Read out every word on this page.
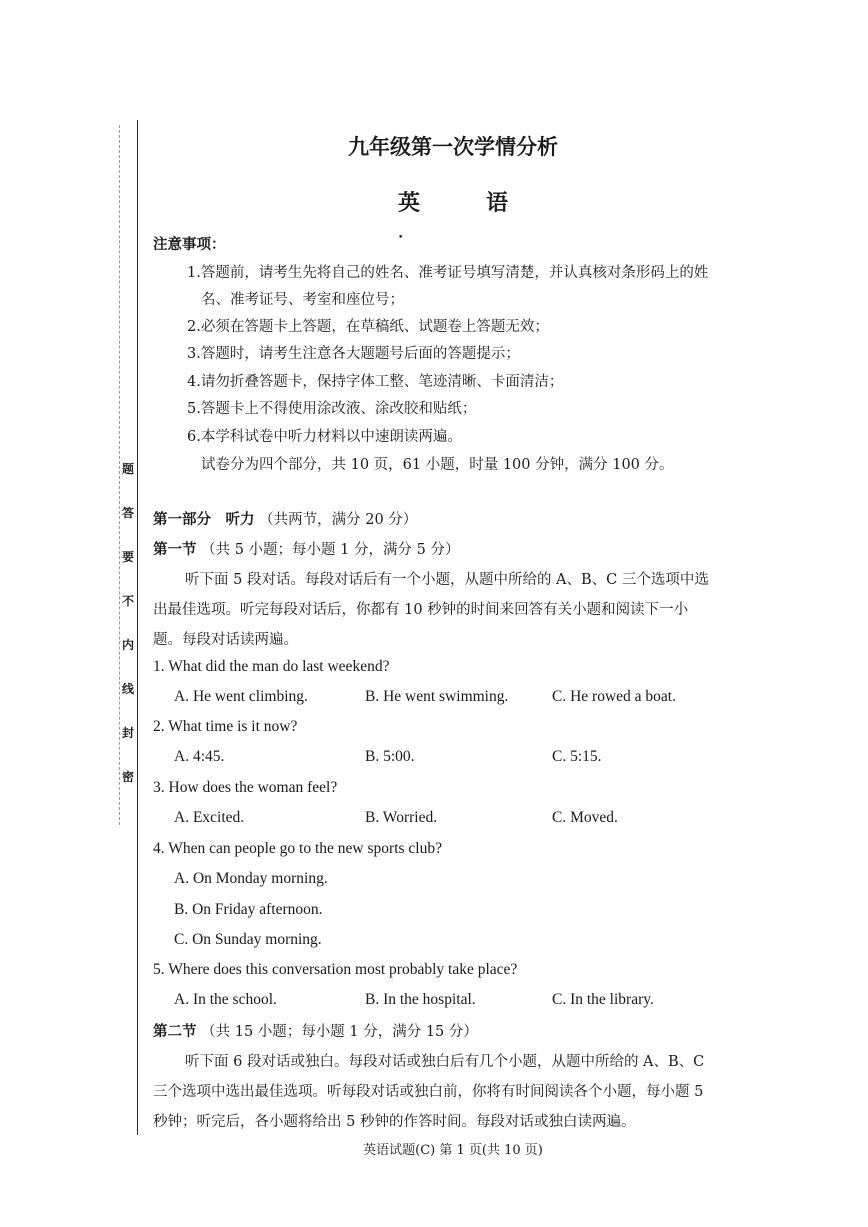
题
答
要
不
内
线
封
密
九年级第一次学情分析
英　语
注意事项：	•
1.答题前，请考生先将自己的姓名、准考证号填写清楚，并认真核对条形码上的姓
名、准考证号、考室和座位号；
2.必须在答题卡上答题，在草稿纸、试题卷上答题无效；
3.答题时，请考生注意各大题题号后面的答题提示；
4.请勿折叠答题卡，保持字体工整、笔迹清晰、卡面清洁；
5.答题卡上不得使用涂改液、涂改胶和贴纸；
6.本学科试卷中听力材料以中速朗读两遍。
试卷分为四个部分，共 10 页，61 小题，时量 100 分钟，满分 100 分。
第一部分　听力 （共两节，满分 20 分）
第一节 （共 5 小题；每小题 1 分，满分 5 分）
听下面 5 段对话。每段对话后有一个小题，从题中所给的 A、B、C 三个选项中选
出最佳选项。听完每段对话后，你都有 10 秒钟的时间来回答有关小题和阅读下一小
题。每段对话读两遍。
1. What did the man do last weekend?
A. He went climbing.	B. He went swimming.	C. He rowed a boat.
2. What time is it now?
A. 4:45.	B. 5:00.	C. 5:15.
3. How does the woman feel?
A. Excited.	B. Worried.	C. Moved.
4. When can people go to the new sports club?
A. On Monday morning.
B. On Friday afternoon.
C. On Sunday morning.
5. Where does this conversation most probably take place?
A. In the school.	B. In the hospital.	C. In the library.
第二节 （共 15 小题；每小题 1 分，满分 15 分）
听下面 6 段对话或独白。每段对话或独白后有几个小题，从题中所给的 A、B、C
三个选项中选出最佳选项。听每段对话或独白前，你将有时间阅读各个小题，每小题 5
秒钟；听完后，各小题将给出 5 秒钟的作答时间。每段对话或独白读两遍。
英语试题(C) 第 1 页(共 10 页)
